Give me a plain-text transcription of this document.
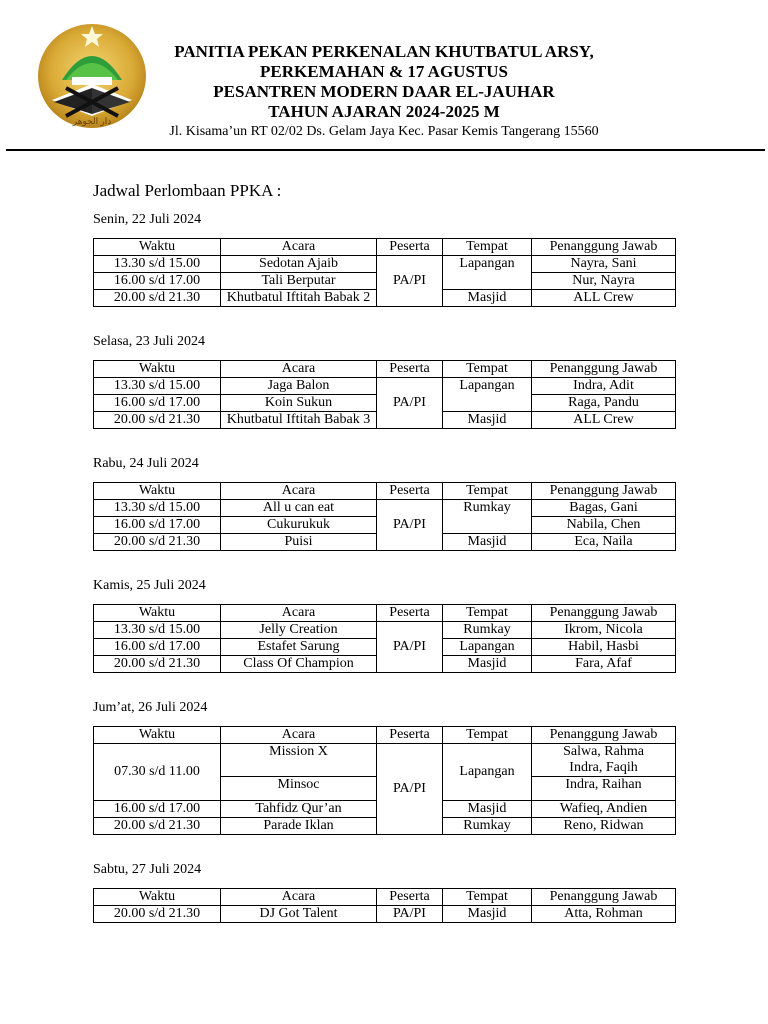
دار الجوهر

PANITIA PEKAN PERKENALAN KHUTBATUL ARSY,

PERKEMAHAN & 17 AGUSTUS

PESANTREN MODERN DAAR EL-JAUHAR

TAHUN AJARAN 2024-2025 M

Jl. Kisama’un RT 02/02 Ds. Gelam Jaya Kec. Pasar Kemis Tangerang 15560

Jadwal Perlombaan PPKA :

Senin, 22 Juli 2024

Waktu	Acara	Peserta	Tempat	Penanggung Jawab
13.30 s/d 15.00	Sedotan Ajaib	PA/PI	Lapangan	Nayra, Sani
16.00 s/d 17.00	Tali Berputar			Nur, Nayra
20.00 s/d 21.30	Khutbatul Iftitah Babak 2		Masjid	ALL Crew

Selasa, 23 Juli 2024

Waktu	Acara	Peserta	Tempat	Penanggung Jawab
13.30 s/d 15.00	Jaga Balon	PA/PI	Lapangan	Indra, Adit
16.00 s/d 17.00	Koin Sukun			Raga, Pandu
20.00 s/d 21.30	Khutbatul Iftitah Babak 3		Masjid	ALL Crew

Rabu, 24 Juli 2024

Waktu	Acara	Peserta	Tempat	Penanggung Jawab
13.30 s/d 15.00	All u can eat	PA/PI	Rumkay	Bagas, Gani
16.00 s/d 17.00	Cukurukuk			Nabila, Chen
20.00 s/d 21.30	Puisi		Masjid	Eca, Naila

Kamis, 25 Juli 2024

Waktu	Acara	Peserta	Tempat	Penanggung Jawab
13.30 s/d 15.00	Jelly Creation	PA/PI	Rumkay	Ikrom, Nicola
16.00 s/d 17.00	Estafet Sarung		Lapangan	Habil, Hasbi
20.00 s/d 21.30	Class Of Champion		Masjid	Fara, Afaf

Jum’at, 26 Juli 2024

Waktu	Acara	Peserta	Tempat	Penanggung Jawab
07.30 s/d 11.00	Mission X	PA/PI	Lapangan	Salwa, Rahma
Indra, Faqih

	Minsoc			Indra, Raihan
16.00 s/d 17.00	Tahfidz Qur’an		Masjid	Wafieq, Andien
20.00 s/d 21.30	Parade Iklan		Rumkay	Reno, Ridwan

Sabtu, 27 Juli 2024

Waktu	Acara	Peserta	Tempat	Penanggung Jawab
20.00 s/d 21.30	DJ Got Talent	PA/PI	Masjid	Atta, Rohman
